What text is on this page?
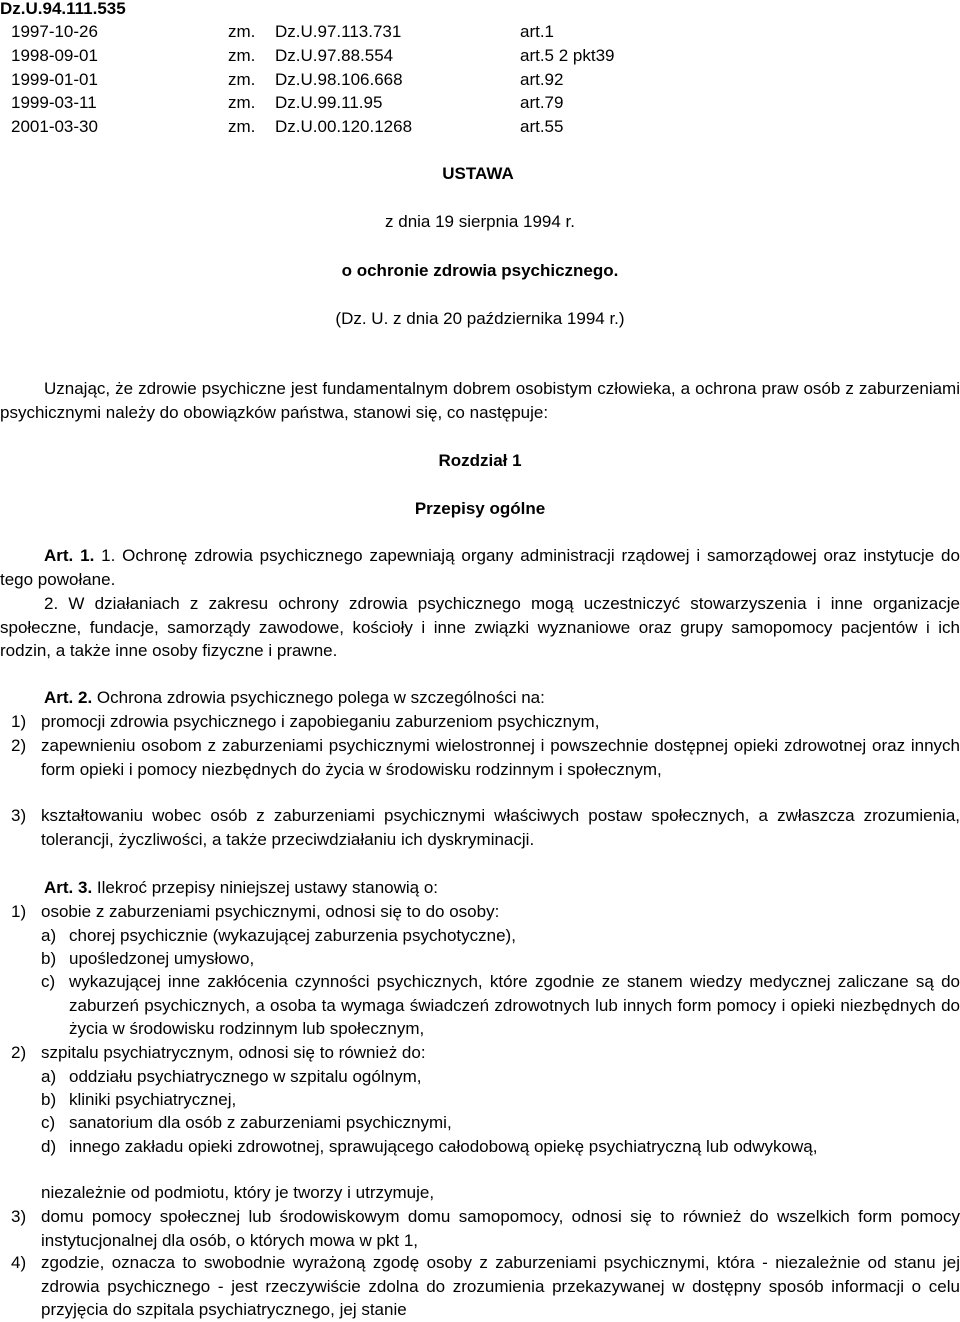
Dz.U.94.111.535
1997-10-26	zm. Dz.U.97.113.731	art.1
1998-09-01	zm. Dz.U.97.88.554	art.5 2 pkt39
1999-01-01	zm. Dz.U.98.106.668	art.92
1999-03-11	zm. Dz.U.99.11.95	art.79
2001-03-30	zm. Dz.U.00.120.1268	art.55
USTAWA
z dnia 19 sierpnia 1994 r.
o ochronie zdrowia psychicznego.
(Dz. U. z dnia 20 października 1994 r.)
Uznając, że zdrowie psychiczne jest fundamentalnym dobrem osobistym człowieka, a ochrona praw osób z zaburzeniami psychicznymi należy do obowiązków państwa, stanowi się, co następuje:
Rozdział 1
Przepisy ogólne
Art. 1. 1. Ochronę zdrowia psychicznego zapewniają organy administracji rządowej i samorządowej oraz instytucje do tego powołane.
2. W działaniach z zakresu ochrony zdrowia psychicznego mogą uczestniczyć stowarzyszenia i inne organizacje społeczne, fundacje, samorządy zawodowe, kościoły i inne związki wyznaniowe oraz grupy samopomocy pacjentów i ich rodzin, a także inne osoby fizyczne i prawne.
Art. 2. Ochrona zdrowia psychicznego polega w szczególności na:
1) promocji zdrowia psychicznego i zapobieganiu zaburzeniom psychicznym,
2) zapewnieniu osobom z zaburzeniami psychicznymi wielostronnej i powszechnie dostępnej opieki zdrowotnej oraz innych form opieki i pomocy niezbędnych do życia w środowisku rodzinnym i społecznym,
3) kształtowaniu wobec osób z zaburzeniami psychicznymi właściwych postaw społecznych, a zwłaszcza zrozumienia, tolerancji, życzliwości, a także przeciwdziałaniu ich dyskryminacji.
Art. 3. Ilekroć przepisy niniejszej ustawy stanowią o:
1) osobie z zaburzeniami psychicznymi, odnosi się to do osoby:
a) chorej psychicznie (wykazującej zaburzenia psychotyczne),
b) upośledzonej umysłowo,
c) wykazującej inne zakłócenia czynności psychicznych, które zgodnie ze stanem wiedzy medycznej zaliczane są do zaburzeń psychicznych, a osoba ta wymaga świadczeń zdrowotnych lub innych form pomocy i opieki niezbędnych do życia w środowisku rodzinnym lub społecznym,
2) szpitalu psychiatrycznym, odnosi się to również do:
a) oddziału psychiatrycznego w szpitalu ogólnym,
b) kliniki psychiatrycznej,
c) sanatorium dla osób z zaburzeniami psychicznymi,
d) innego zakładu opieki zdrowotnej, sprawującego całodobową opiekę psychiatryczną lub odwykową,
niezależnie od podmiotu, który je tworzy i utrzymuje,
3) domu pomocy społecznej lub środowiskowym domu samopomocy, odnosi się to również do wszelkich form pomocy instytucjonalnej dla osób, o których mowa w pkt 1,
4) zgodzie, oznacza to swobodnie wyrażoną zgodę osoby z zaburzeniami psychicznymi, która - niezależnie od stanu jej zdrowia psychicznego - jest rzeczywiście zdolna do zrozumienia przekazywanej w dostępny sposób informacji o celu przyjęcia do szpitala psychiatrycznego, jej stanie
